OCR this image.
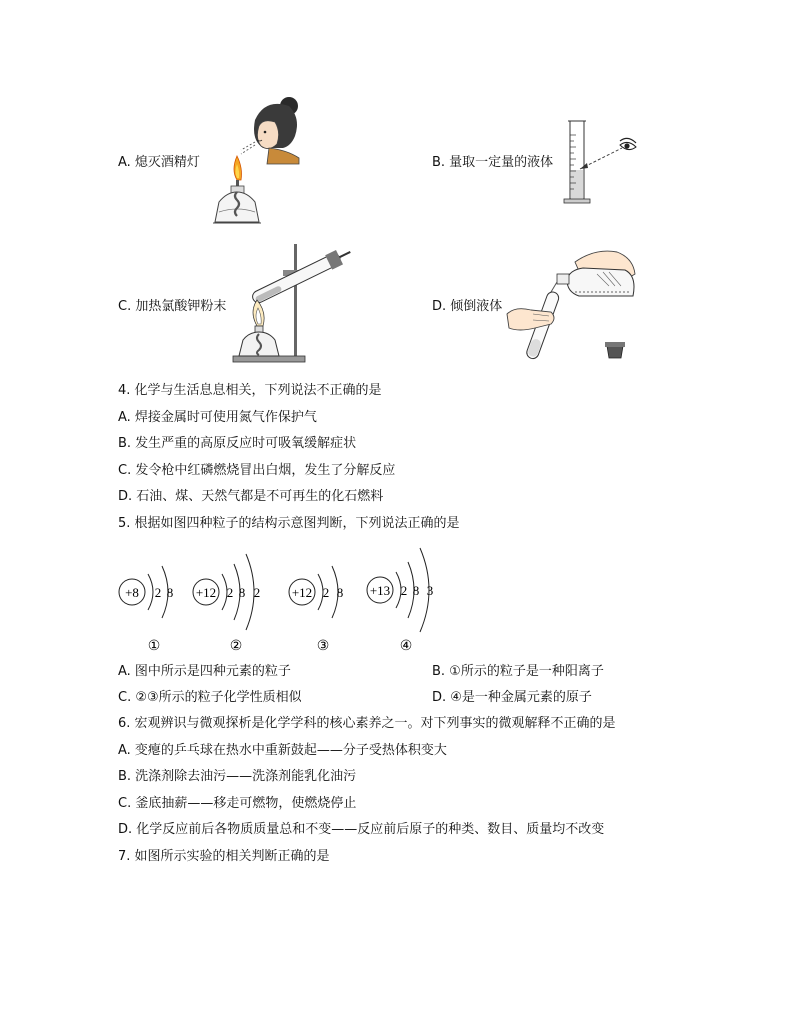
A. 熄灭酒精灯	B. 量取一定量的液体
C. 加热氯酸钾粉末	D. 倾倒液体
4. 化学与生活息息相关，下列说法不正确的是
A. 焊接金属时可使用氮气作保护气
B. 发生严重的高原反应时可吸氧缓解症状
C. 发令枪中红磷燃烧冒出白烟，发生了分解反应
D. 石油、煤、天然气都是不可再生的化石燃料
5. 根据如图四种粒子的结构示意图判断，下列说法正确的是
+8 2 8
①
+12 2 8 2
②
+12 2 8
③
+13 2 8 3
④
A. 图中所示是四种元素的粒子	B. ①所示的粒子是一种阳离子
C. ②③所示的粒子化学性质相似	D. ④是一种金属元素的原子
6. 宏观辨识与微观探析是化学学科的核心素养之一。对下列事实的微观解释不正确的是
A. 变瘪的乒乓球在热水中重新鼓起——分子受热体积变大
B. 洗涤剂除去油污——洗涤剂能乳化油污
C. 釜底抽薪——移走可燃物，使燃烧停止
D. 化学反应前后各物质质量总和不变——反应前后原子的种类、数目、质量均不改变
7. 如图所示实验的相关判断正确的是
